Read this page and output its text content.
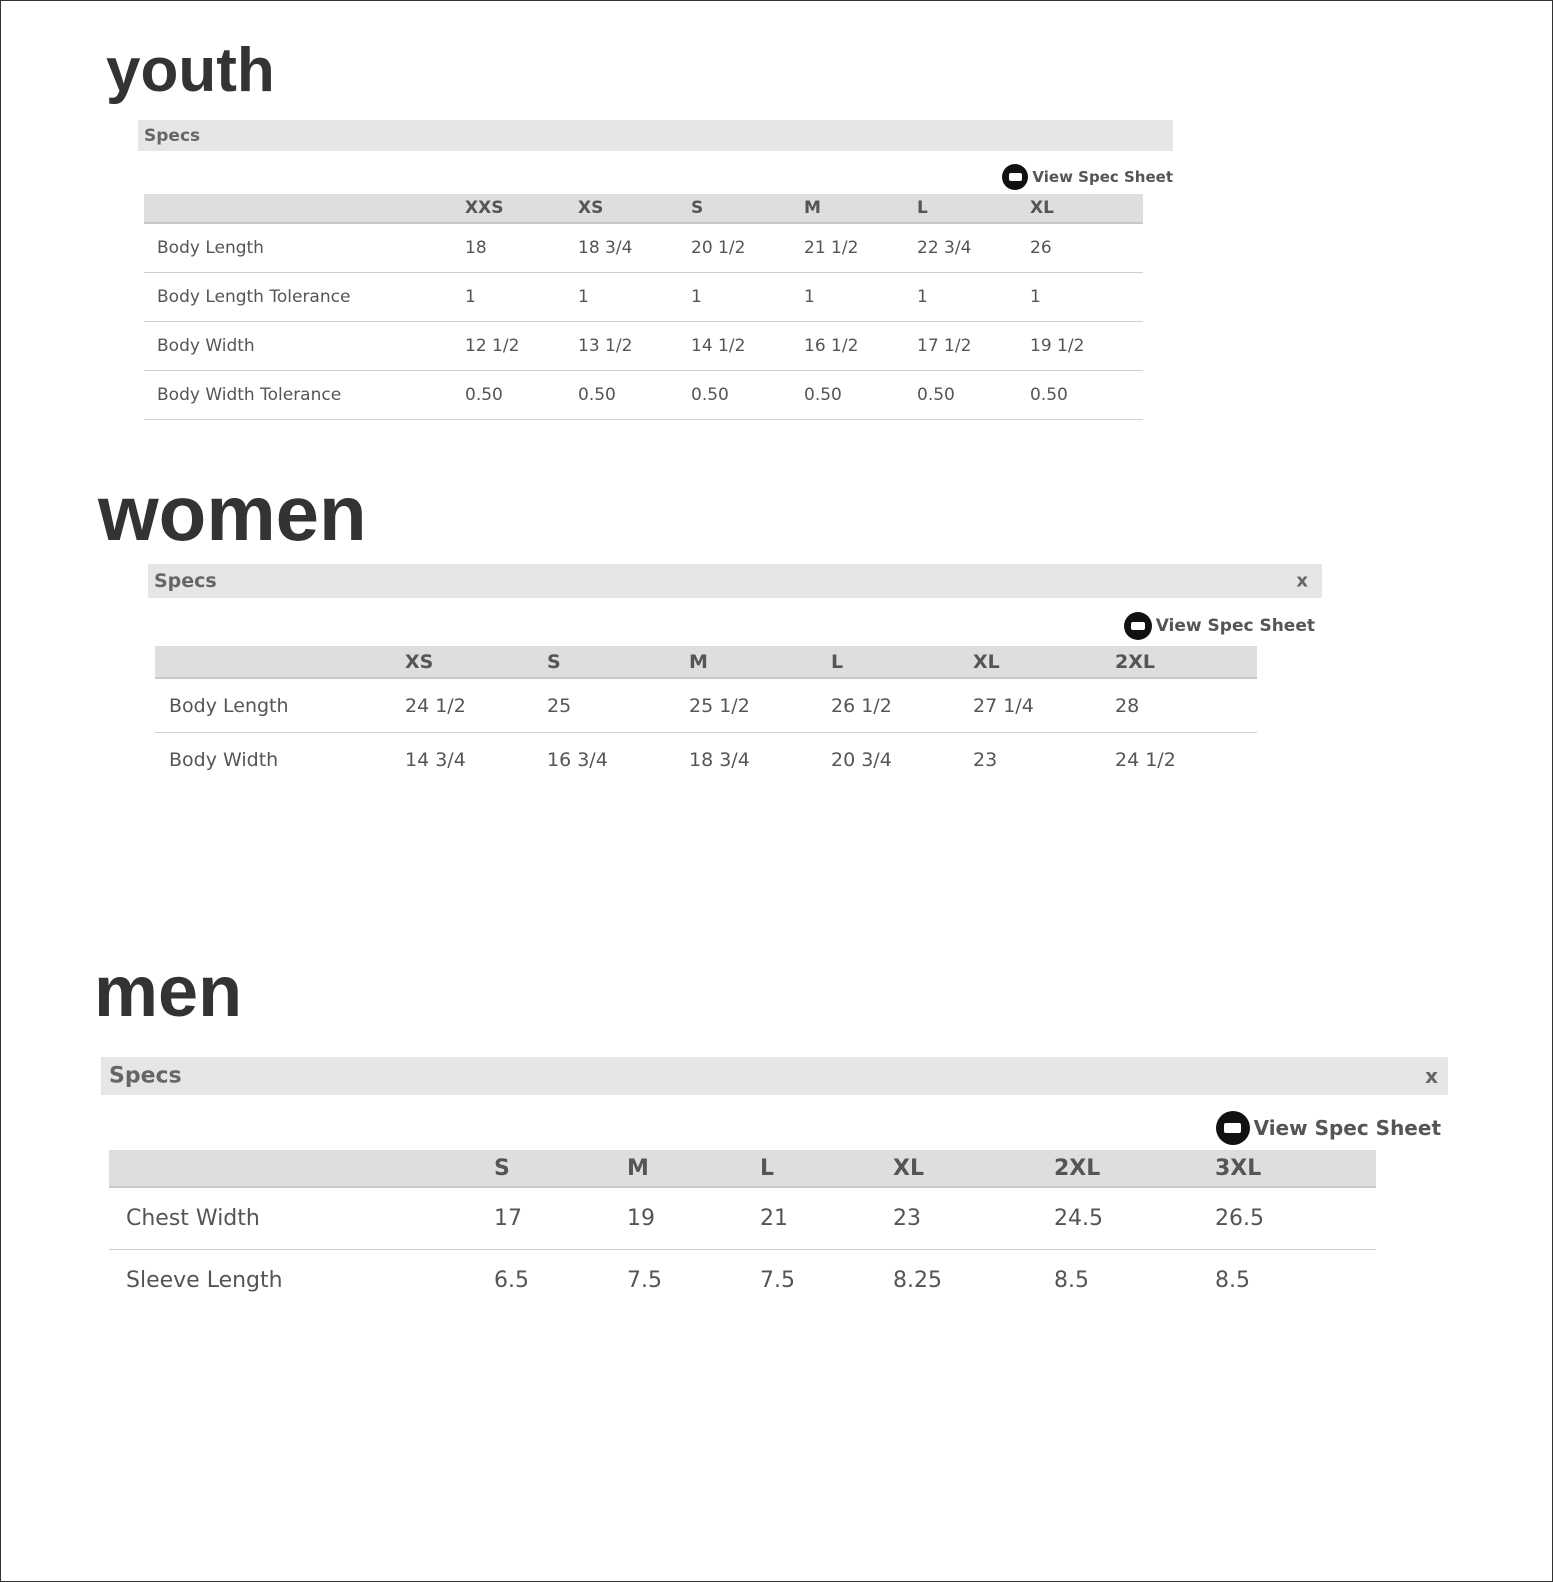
youth
Specs
View Spec Sheet
	XXS	XS	S	M	L	XL
Body Length	18	18 3/4	20 1/2	21 1/2	22 3/4	26
Body Length Tolerance	1	1	1	1	1	1
Body Width	12 1/2	13 1/2	14 1/2	16 1/2	17 1/2	19 1/2
Body Width Tolerance	0.50	0.50	0.50	0.50	0.50	0.50
women
Specs	x
View Spec Sheet
	XS	S	M	L	XL	2XL
Body Length	24 1/2	25	25 1/2	26 1/2	27 1/4	28
Body Width	14 3/4	16 3/4	18 3/4	20 3/4	23	24 1/2
men
Specs	x
View Spec Sheet
	S	M	L	XL	2XL	3XL
Chest Width	17	19	21	23	24.5	26.5
Sleeve Length	6.5	7.5	7.5	8.25	8.5	8.5
